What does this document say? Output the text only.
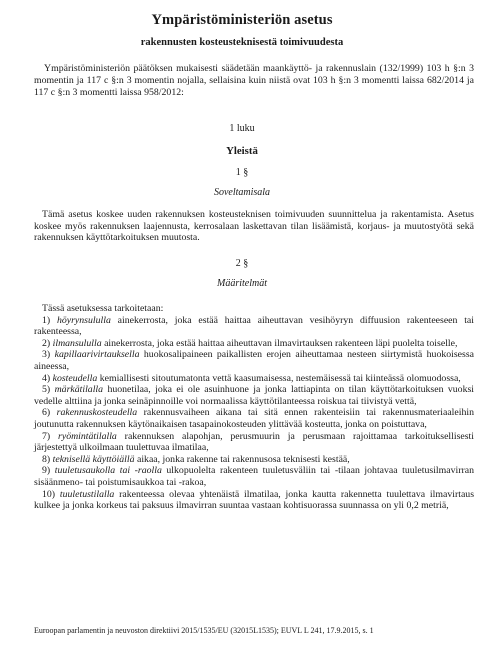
Ympäristöministeriön asetus
rakennusten kosteusteknisestä toimivuudesta
Ympäristöministeriön päätöksen mukaisesti säädetään maankäyttö- ja rakennuslain (132/1999) 103 h §:n 3 momentin ja 117 c §:n 3 momentin nojalla, sellaisina kuin niistä ovat 103 h §:n 3 momentti laissa 682/2014 ja 117 c §:n 3 momentti laissa 958/2012:
1 luku
Yleistä
1 §
Soveltamisala
Tämä asetus koskee uuden rakennuksen kosteusteknisen toimivuuden suunnittelua ja rakentamista. Asetus koskee myös rakennuksen laajennusta, kerrosalaan laskettavan tilan lisäämistä, korjaus- ja muutostyötä sekä rakennuksen käyttötarkoituksen muutosta.
2 §
Määritelmät
Tässä asetuksessa tarkoitetaan:
1) höyrynsululla ainekerrosta, joka estää haittaa aiheuttavan vesihöyryn diffuusion rakenteeseen tai rakenteessa,
2) ilmansululla ainekerrosta, joka estää haittaa aiheuttavan ilmavirtauksen rakenteen läpi puolelta toiselle,
3) kapillaarivirtauksella huokosalipaineen paikallisten erojen aiheuttamaa nesteen siirtymistä huokoisessa aineessa,
4) kosteudella kemiallisesti sitoutumatonta vettä kaasumaisessa, nestemäisessä tai kiinteässä olomuodossa,
5) märkätilalla huonetilaa, joka ei ole asuinhuone ja jonka lattiapinta on tilan käyttötarkoituksen vuoksi vedelle alttiina ja jonka seinäpinnoille voi normaalissa käyttötilanteessa roiskua tai tiivistyä vettä,
6) rakennuskosteudella rakennusvaiheen aikana tai sitä ennen rakenteisiin tai rakennusmateriaaleihin joutunutta rakennuksen käytönaikaisen tasapainokosteuden ylittävää kosteutta, jonka on poistuttava,
7) ryömintätilalla rakennuksen alapohjan, perusmuurin ja perusmaan rajoittamaa tarkoituksellisesti järjestettyä ulkoilmaan tuulettuvaa ilmatilaa,
8) teknisellä käyttöiällä aikaa, jonka rakenne tai rakennusosa teknisesti kestää,
9) tuuletusaukolla tai -raolla ulkopuolelta rakenteen tuuletusväliin tai -tilaan johtavaa tuuletusilmavirran sisäänmeno- tai poistumisaukkoa tai -rakoa,
10) tuuletustilalla rakenteessa olevaa yhtenäistä ilmatilaa, jonka kautta rakennetta tuulettava ilmavirtaus kulkee ja jonka korkeus tai paksuus ilmavirran suuntaa vastaan kohtisuorassa suunnassa on yli 0,2 metriä,
Euroopan parlamentin ja neuvoston direktiivi 2015/1535/EU (32015L1535); EUVL L 241, 17.9.2015, s. 1
